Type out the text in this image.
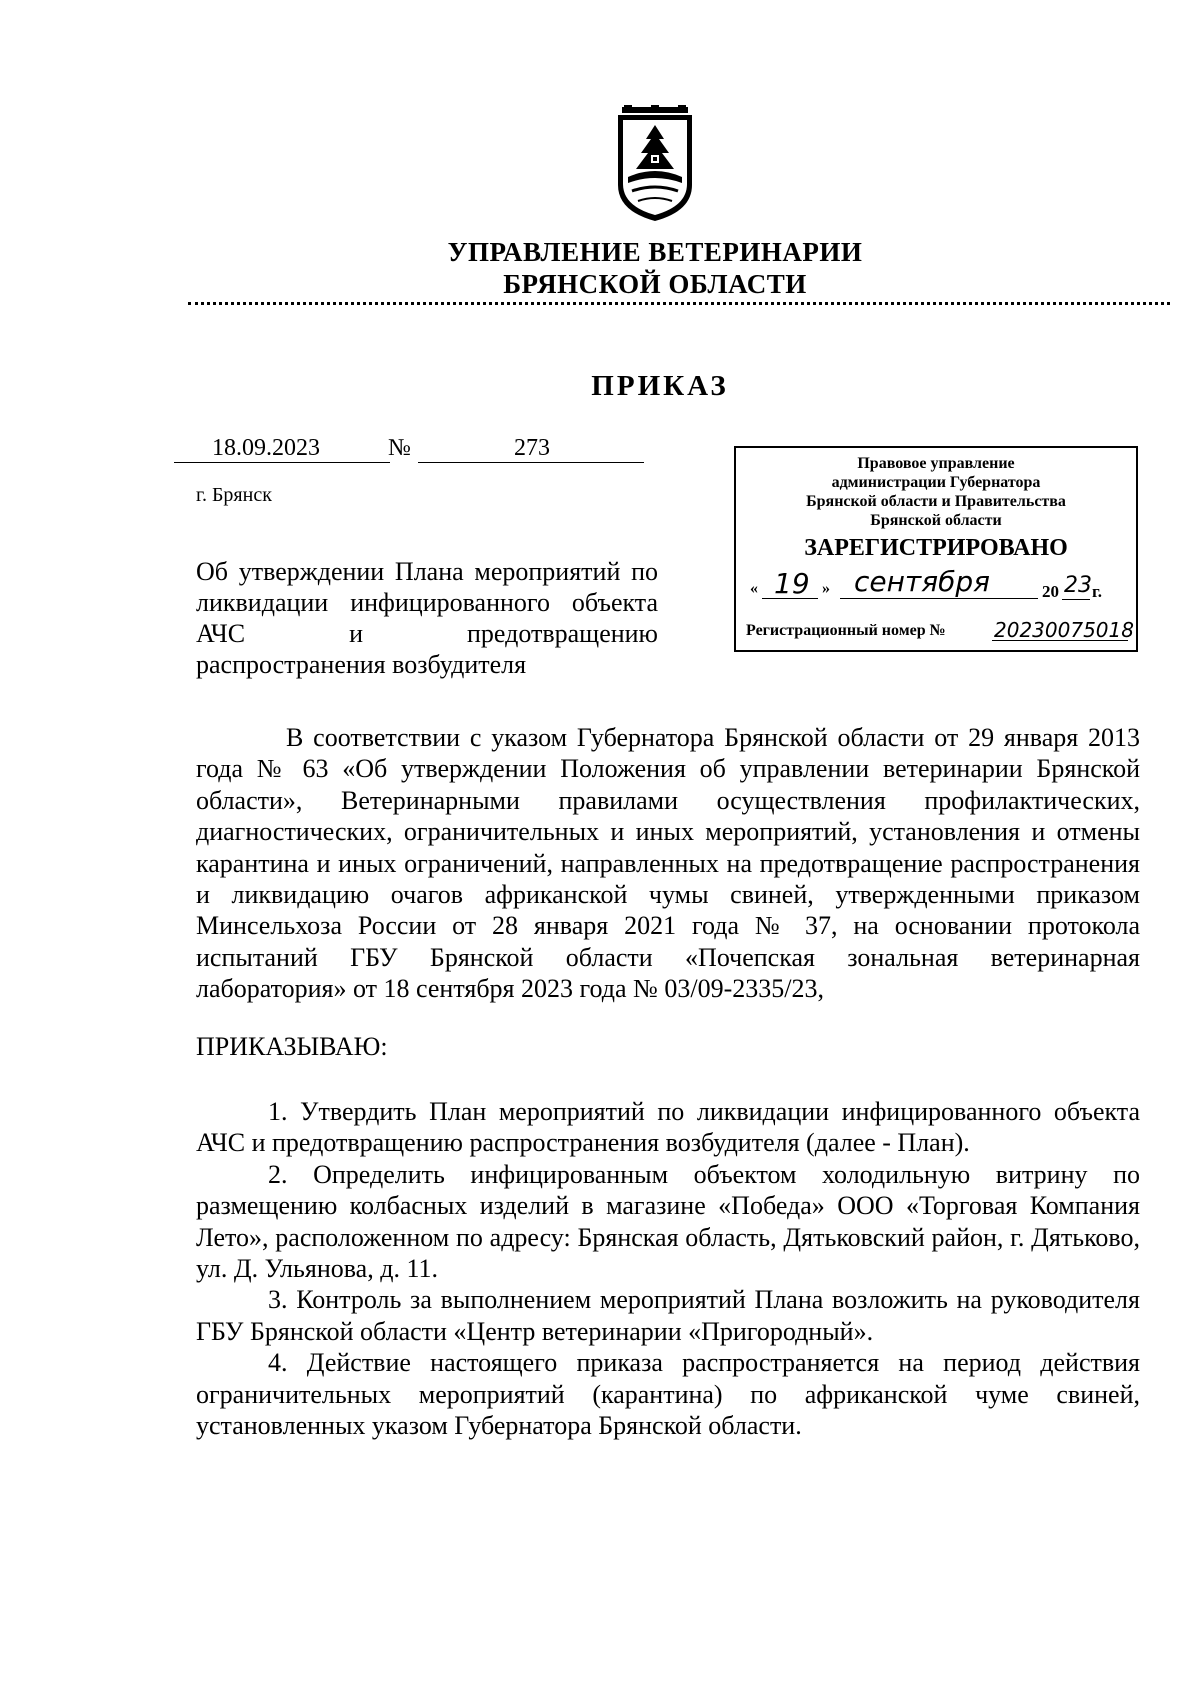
УПРАВЛЕНИЕ ВЕТЕРИНАРИИ
БРЯНСКОЙ ОБЛАСТИ
ПРИКАЗ
18.09.2023	№	273
г. Брянск
Об утверждении Плана мероприятий по ликвидации инфицированного объекта АЧС и предотвращению распространения возбудителя
Правовое управление
администрации Губернатора
Брянской области и Правительства
Брянской области
ЗАРЕГИСТРИРОВАНО
« 19 » сентября	20 23 г.
Регистрационный номер № 20230075018
В соответствии с указом Губернатора Брянской области от 29 января 2013 года № 63 «Об утверждении Положения об управлении ветеринарии Брянской области», Ветеринарными правилами осуществления профилактических, диагностических, ограничительных и иных мероприятий, установления и отмены карантина и иных ограничений, направленных на предотвращение распространения и ликвидацию очагов африканской чумы свиней, утвержденными приказом Минсельхоза России от 28 января 2021 года № 37, на основании протокола испытаний ГБУ Брянской области «Почепская зональная ветеринарная лаборатория» от 18 сентября 2023 года № 03/09-2335/23,
ПРИКАЗЫВАЮ:

1. Утвердить План мероприятий по ликвидации инфицированного объекта АЧС и предотвращению распространения возбудителя (далее - План).

2. Определить инфицированным объектом холодильную витрину по размещению колбасных изделий в магазине «Победа» ООО «Торговая Компания Лето», расположенном по адресу: Брянская область, Дятьковский район, г. Дятьково, ул. Д. Ульянова, д. 11.

3. Контроль за выполнением мероприятий Плана возложить на руководителя ГБУ Брянской области «Центр ветеринарии «Пригородный».

4. Действие настоящего приказа распространяется на период действия ограничительных мероприятий (карантина) по африканской чуме свиней, установленных указом Губернатора Брянской области.
